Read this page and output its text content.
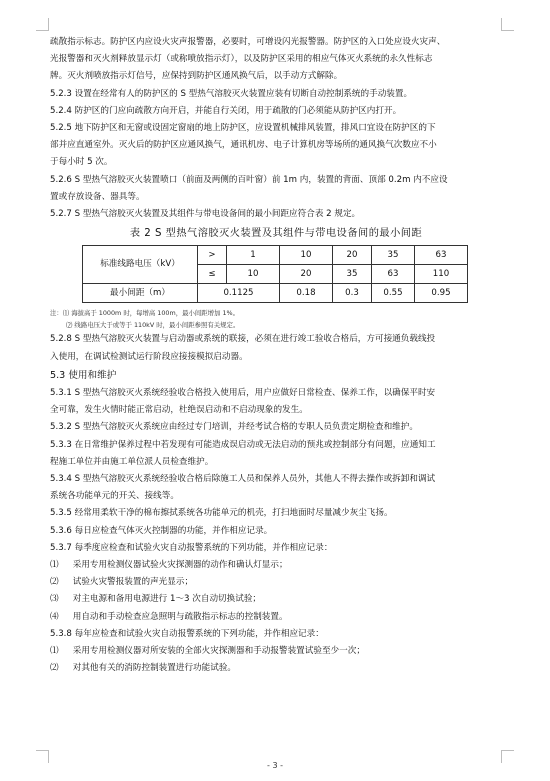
疏散指示标志。防护区内应设火灾声报警器，必要时，可增设闪光报警器。防护区的入口处应设火灾声、

光报警器和灭火剂释放显示灯（或称喷放指示灯），以及防护区采用的相应气体灭火系统的永久性标志

牌。灭火剂喷放指示灯信号，应保持到防护区通风换气后，以手动方式解除。

5.2.3 设置在经常有人的防护区的 S 型热气溶胶灭火装置应装有切断自动控制系统的手动装置。

5.2.4 防护区的门应向疏散方向开启，并能自行关闭，用于疏散的门必须能从防护区内打开。

5.2.5 地下防护区和无窗或设固定窗扇的地上防护区，应设置机械排风装置，排风口宜设在防护区的下

部并应直通室外。灭火后的防护区应通风换气，通讯机房、电子计算机房等场所的通风换气次数应不小

于每小时 5 次。

5.2.6 S 型热气溶胶灭火装置喷口（前面及两侧的百叶窗）前 1m 内，装置的背面、顶部 0.2m 内不应设

置或存放设备、器具等。

5.2.7 S 型热气溶胶灭火装置及其组件与带电设备间的最小间距应符合表 2 规定。

表 2 S 型热气溶胶灭火装置及其组件与带电设备间的最小间距
标准线路电压（kV）	>	1	10	20	35	63
	≤	10	20	35	63	110
最小间距（m）	0.1125		0.18	0.3	0.55	0.95

注：⑴ 海拔高于 1000m 时，每增高 100m，最小间距增加 1%。

⑵ 线路电压大于或等于 110kV 时，最小间距参照有关规定。

5.2.8 S 型热气溶胶灭火装置与启动器或系统的联接，必须在进行竣工验收合格后，方可接通负载线投

入使用，在调试检测试运行阶段应接接模拟启动器。

5.3 使用和维护

5.3.1 S 型热气溶胶灭火系统经验收合格投入使用后，用户应做好日常检查、保养工作，以确保平时安

全可靠，发生火情时能正常启动，杜绝误启动和不启动现象的发生。

5.3.2 S 型热气溶胶灭火系统应由经过专门培训，并经考试合格的专职人员负责定期检查和维护。

5.3.3 在日常维护保养过程中若发现有可能造成误启动或无法启动的预兆或控制部分有问题，应通知工

程施工单位并由施工单位派人员检查维护。

5.3.4 S 型热气溶胶灭火系统经验收合格后除施工人员和保养人员外，其他人不得去操作或拆卸和调试

系统各功能单元的开关、接线等。

5.3.5 经常用柔软干净的棉布擦拭系统各功能单元的机壳，打扫地面时尽量减少灰尘飞扬。

5.3.6 每日应检查气体灭火控制器的功能，并作相应记录。

5.3.7 每季度应检查和试验火灾自动报警系统的下列功能，并作相应记录：

⑴ 采用专用检测仪器试验火灾探测器的动作和确认灯显示；

⑵ 试验火灾警报装置的声光显示；

⑶ 对主电源和备用电源进行 1～3 次自动切换试验；

⑷ 用自动和手动检查应急照明与疏散指示标志的控制装置。

5.3.8 每年应检查和试验火灾自动报警系统的下列功能，并作相应记录：

⑴ 采用专用检测仪器对所安装的全部火灾探测器和手动报警装置试验至少一次；

⑵ 对其他有关的消防控制装置进行功能试验。

- 3 -
